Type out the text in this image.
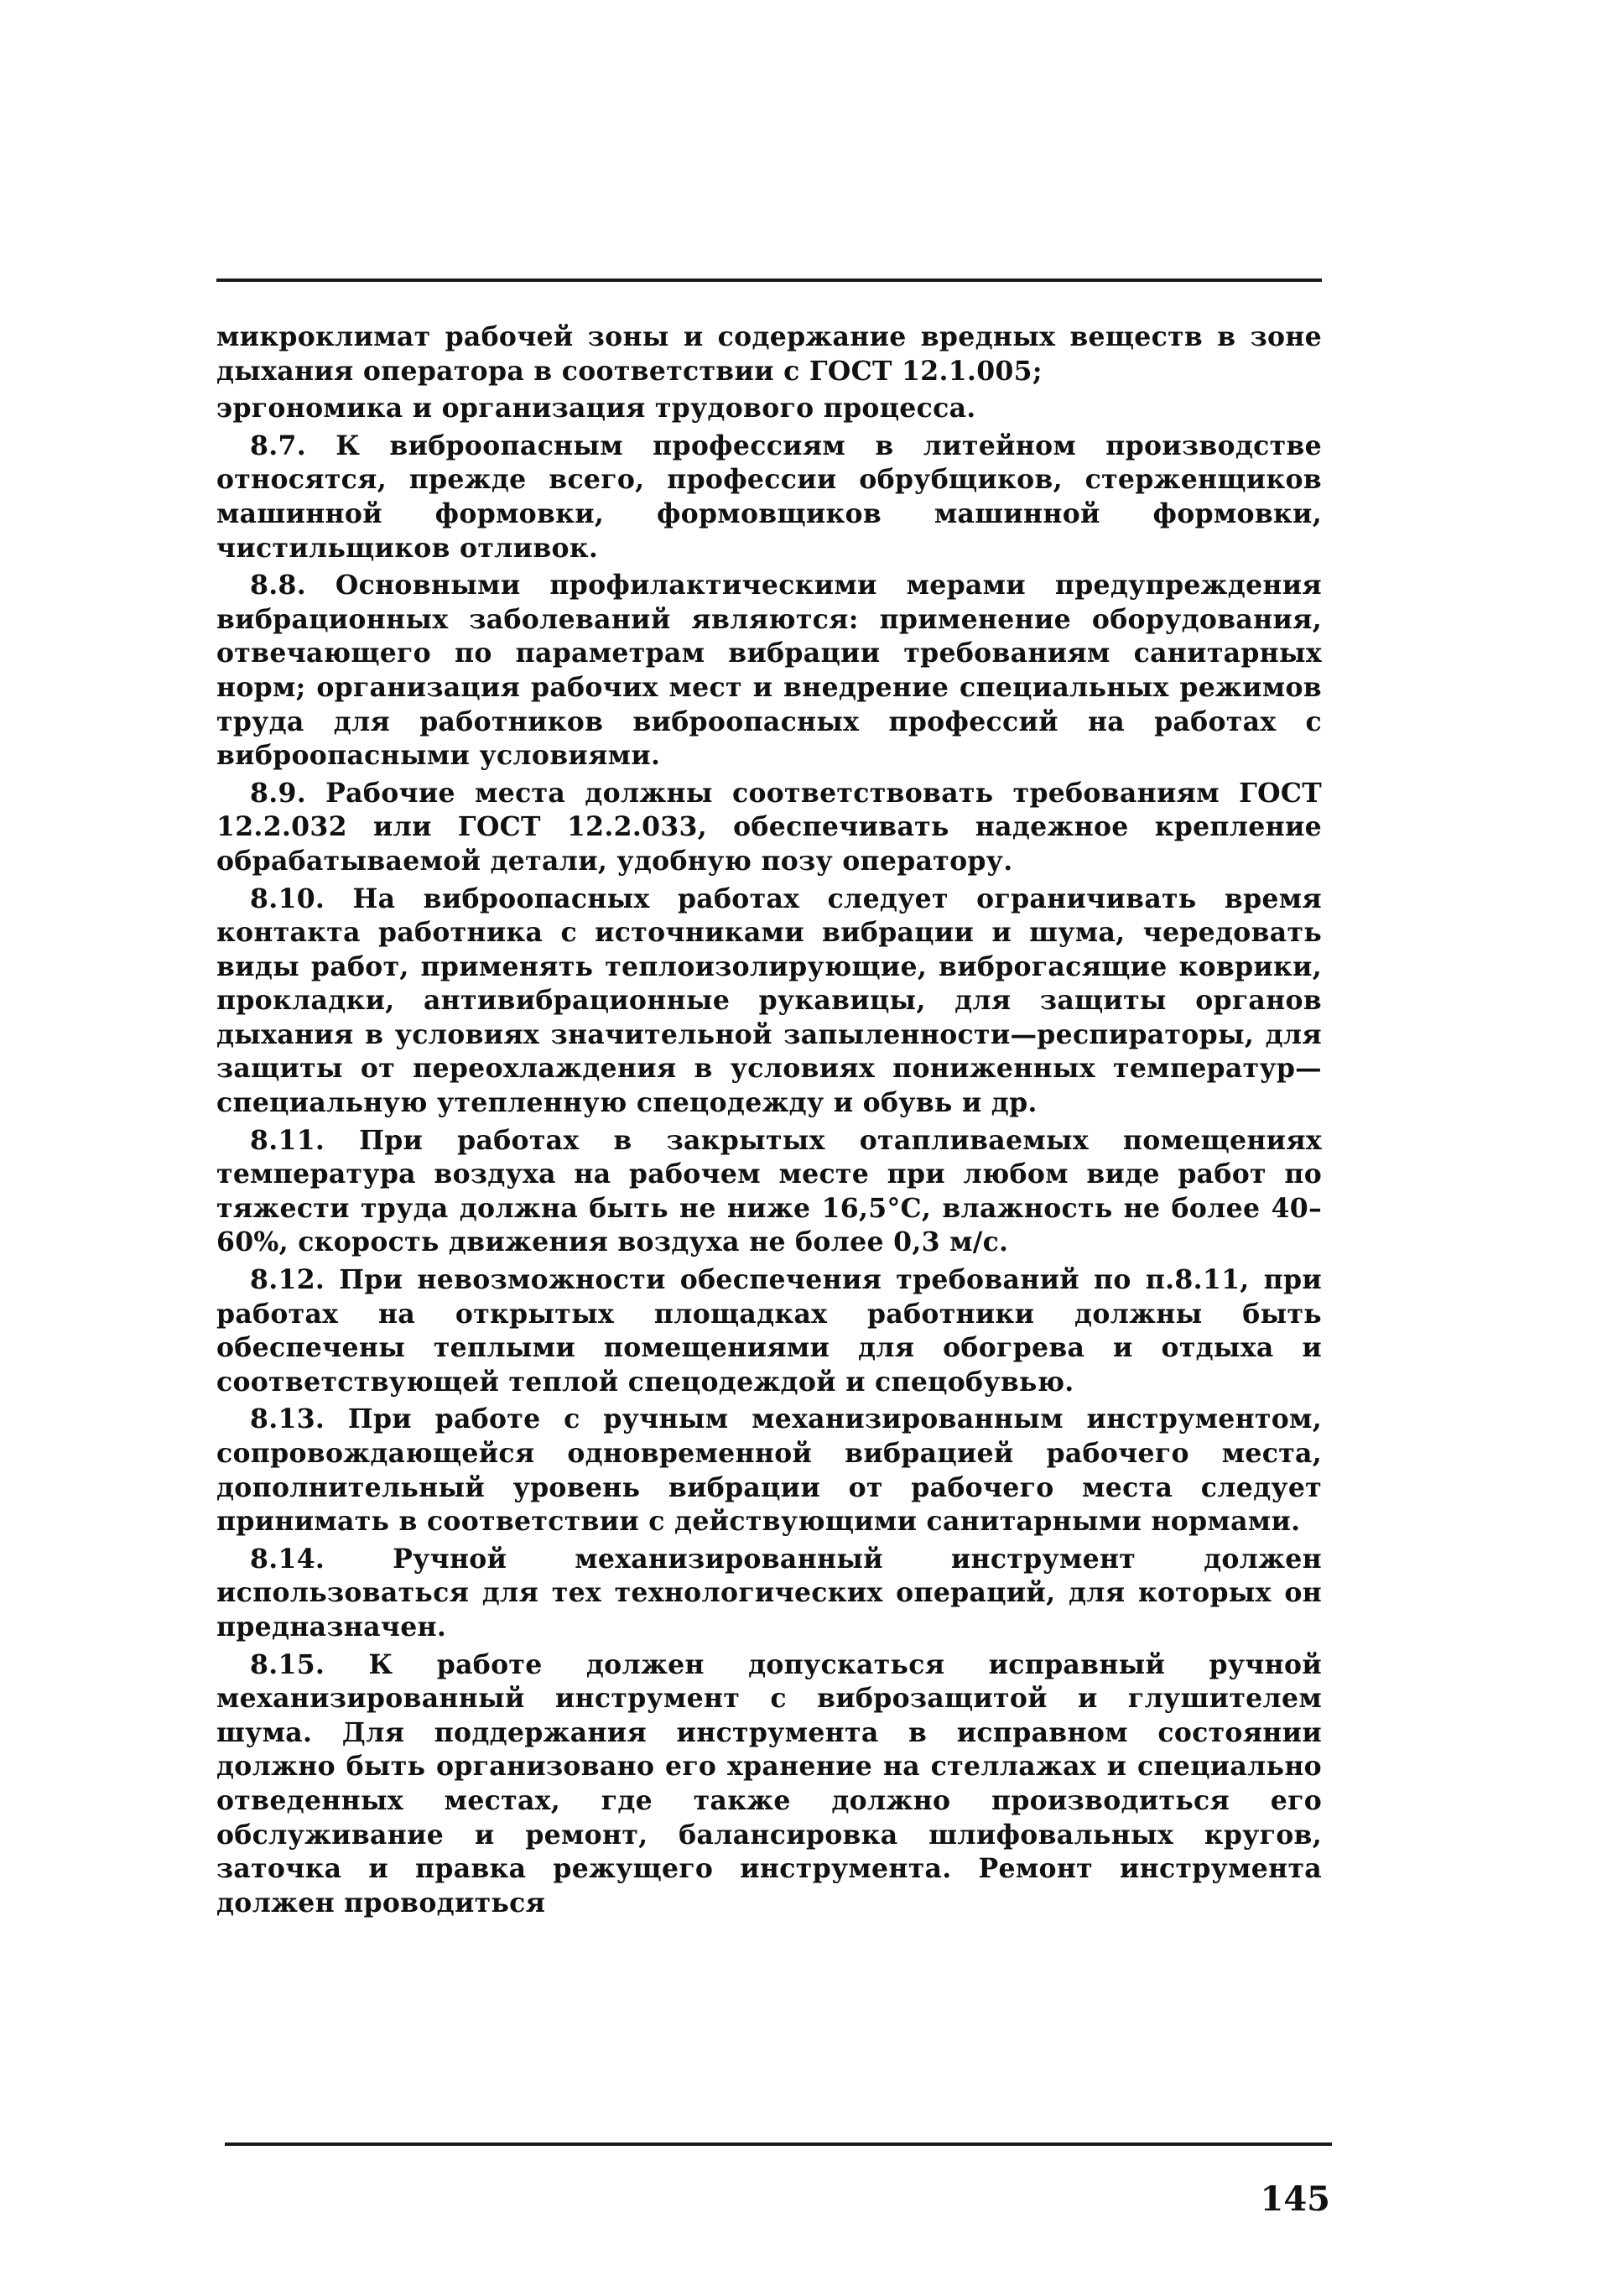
микроклимат рабочей зоны и содержание вредных веществ в зоне дыхания оператора в соответствии с ГОСТ 12.1.005;

эргономика и организация трудового процесса.

8.7. К виброопасным профессиям в литейном производстве относятся, прежде всего, профессии обрубщиков, стерженщиков машинной формовки, формовщиков машинной формовки, чистильщиков отливок.

8.8. Основными профилактическими мерами предупреждения вибрационных заболеваний являются: применение оборудования, отвечающего по параметрам вибрации требованиям санитарных норм; организация рабочих мест и внедрение специальных режимов труда для работников виброопасных профессий на работах с виброопасными условиями.

8.9. Рабочие места должны соответствовать требованиям ГОСТ 12.2.032 или ГОСТ 12.2.033, обеспечивать надежное крепление обрабатываемой детали, удобную позу оператору.

8.10. На виброопасных работах следует ограничивать время контакта работника с источниками вибрации и шума, чередовать виды работ, применять теплоизолирующие, виброгасящие коврики, прокладки, антивибрационные рукавицы, для защиты органов дыхания в условиях значительной запыленности—респираторы, для защиты от переохлаждения в условиях пониженных температур—специальную утепленную спецодежду и обувь и др.

8.11. При работах в закрытых отапливаемых помещениях температура воздуха на рабочем месте при любом виде работ по тяжести труда должна быть не ниже 16,5°С, влажность не более 40–60%, скорость движения воздуха не более 0,3 м/с.

8.12. При невозможности обеспечения требований по п.8.11, при работах на открытых площадках работники должны быть обеспечены теплыми помещениями для обогрева и отдыха и соответствующей теплой спецодеждой и спецобувью.

8.13. При работе с ручным механизированным инструментом, сопровождающейся одновременной вибрацией рабочего места, дополнительный уровень вибрации от рабочего места следует принимать в соответствии с действующими санитарными нормами.

8.14. Ручной механизированный инструмент должен использоваться для тех технологических операций, для которых он предназначен.

8.15. К работе должен допускаться исправный ручной механизированный инструмент с виброзащитой и глушителем шума. Для поддержания инструмента в исправном состоянии должно быть организовано его хранение на стеллажах и специально отведенных местах, где также должно производиться его обслуживание и ремонт, балансировка шлифовальных кругов, заточка и правка режущего инструмента. Ремонт инструмента должен проводиться

145
